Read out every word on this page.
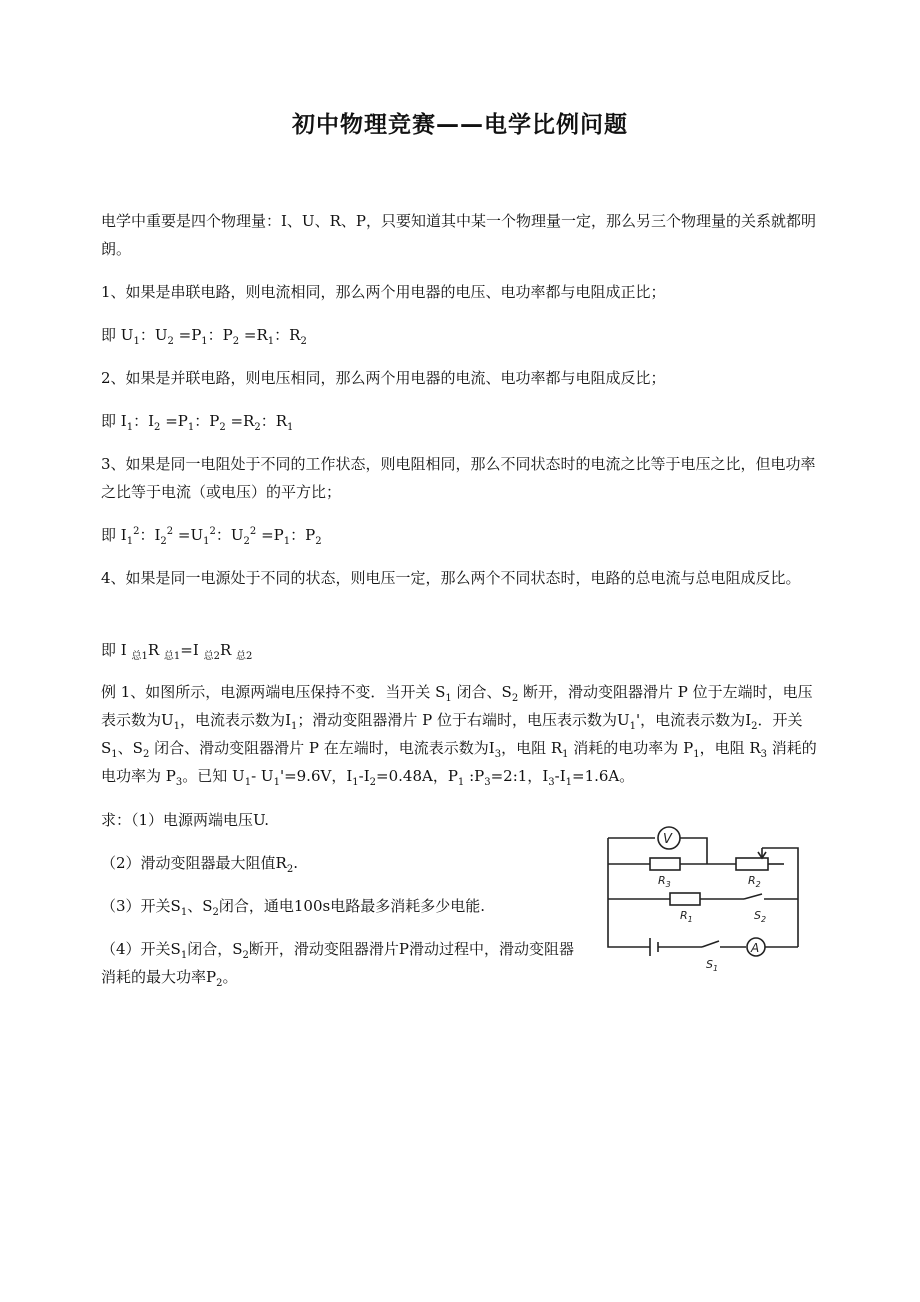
初中物理竞赛——电学比例问题

电学中重要是四个物理量：I、U、R、P，只要知道其中某一个物理量一定，那么另三个物理量的关系就都明朗。

1、如果是串联电路，则电流相同，那么两个用电器的电压、电功率都与电阻成正比；

即 $U_1$：$U_2 =P_1$：$P_2 =R_1$：$R_2$

2、如果是并联电路，则电压相同，那么两个用电器的电流、电功率都与电阻成反比；

即 $I_1$：$I_2 =P_1$：$P_2 =R_2$：$R_1$

3、如果是同一电阻处于不同的工作状态，则电阻相同，那么不同状态时的电流之比等于电压之比，但电功率之比等于电流（或电压）的平方比；

即 $I_1^2$：$I_2^2 =U_1^2$：$U_2^2 =P_1$：$P_2$

4、如果是同一电源处于不同的状态，则电压一定，那么两个不同状态时，电路的总电流与总电阻成反比。

即 I $_{总1}$R $_{总1}$=I $_{总2}$R $_{总2}$

例 1、如图所示，电源两端电压保持不变．当开关 $S_1$ 闭合、$S_2$ 断开，滑动变阻器滑片 P 位于左端时，电压表示数为$U_1$，电流表示数为$I_1$；滑动变阻器滑片 P 位于右端时，电压表示数为$U_1'$，电流表示数为$I_2$．开关 $S_1$、$S_2$ 闭合、滑动变阻器滑片 P 在左端时，电流表示数为$I_3$，电阻 $R_1$ 消耗的电功率为 $P_1$，电阻 $R_3$ 消耗的电功率为 $P_3$。已知 $U_1-$ $U_1'=9.6V$，$I_1-I_2=0.48A$，$P_1$ $:P_3=2:1$，$I_3-I_1=1.6A$。

求：（1）电源两端电压U.

（2）滑动变阻器最大阻值$R_2$.

（3）开关$S_1$、$S_2$闭合，通电100s电路最多消耗多少电能.

（4）开关$S_1$闭合，$S_2$断开，滑动变阻器滑片P滑动过程中，滑动变阻器消耗的最大功率$P_2$。

V
$R_3$	$R_2$
$R_1$	$S_2$
A
$S_1$
